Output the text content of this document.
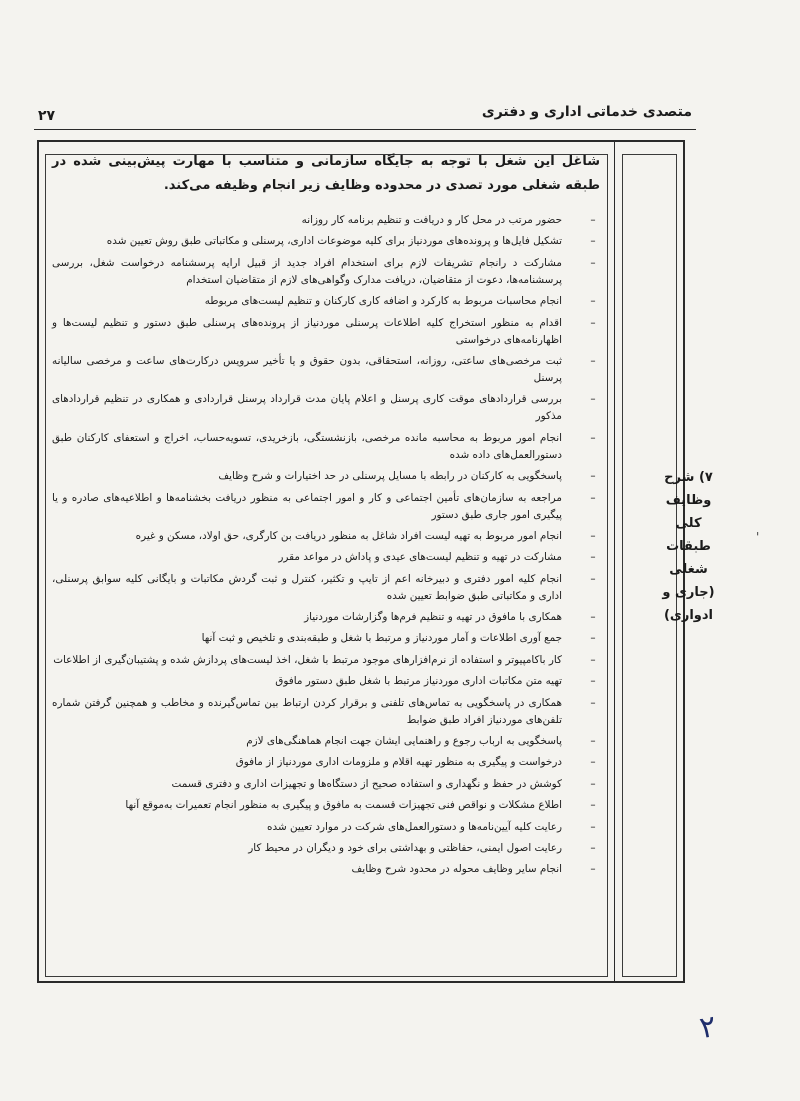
متصدی خدماتی اداری و دفتری
۲۷
۷) شرح
وظایف
کلی
طبقات
شغلی
(جاری و
ادواری)

شاغل این شغل با توجه به جایگاه سازمانی و متناسب با مهارت پیش‌بینی شده در طبقه شغلی مورد تصدی در محدوده وظایف زیر انجام وظیفه می‌کند.

–
حضور مرتب در محل کار و دریافت و تنظیم برنامه کار روزانه
–
تشکیل فایل‌ها و پرونده‌های موردنیاز برای کلیه موضوعات اداری، پرسنلی و مکاتباتی طبق روش تعیین شده
–
مشارکت د رانجام تشریفات لازم برای استخدام افراد جدید از قبیل ارایه پرسشنامه درخواست شغل، بررسی پرسشنامه‌ها، دعوت از متقاضیان، دریافت مدارک وگواهی‌های لازم از متقاضیان استخدام
–
انجام محاسبات مربوط به کارکرد و اضافه کاری کارکنان و تنظیم لیست‌های مربوطه
–
اقدام به منظور استخراج کلیه اطلاعات پرسنلی موردنیاز از پرونده‌های پرسنلی طبق دستور و تنظیم لیست‌ها و اظهارنامه‌های درخواستی
–
ثبت مرخصی‌های ساعتی، روزانه، استحقاقی، بدون حقوق و یا تأخیر سرویس درکارت‌های ساعت و مرخصی سالیانه پرسنل
–
بررسی قراردادهای موقت کاری پرسنل و اعلام پایان مدت قرارداد پرسنل قراردادی و همکاری در تنظیم قراردادهای مذکور
–
انجام امور مربوط به محاسبه مانده مرخصی، بازنشستگی، بازخریدی، تسویه‌حساب، اخراج و استعفای کارکنان طبق دستورالعمل‌های داده شده
–
پاسخگویی به کارکنان در رابطه با مسایل پرسنلی در حد اختیارات و شرح وظایف
–
مراجعه به سازمان‌های تأمین اجتماعی و کار و امور اجتماعی به منظور دریافت بخشنامه‌ها و اطلاعیه‌های صادره و یا پیگیری امور جاری طبق دستور
–
انجام امور مربوط به تهیه لیست افراد شاغل به منظور دریافت بن کارگری، حق اولاد، مسکن و غیره
–
مشارکت در تهیه و تنظیم لیست‌های عیدی و پاداش در مواعد مقرر
–
انجام کلیه امور دفتری و دبیرخانه اعم از تایپ و تکثیر، کنترل و ثبت گردش مکاتبات و بایگانی کلیه سوابق پرسنلی، اداری و مکاتباتی طبق ضوابط تعیین شده
–
همکاری با مافوق در تهیه و تنظیم فرم‌ها وگزارشات موردنیاز
–
جمع آوری اطلاعات و آمار موردنیاز و مرتبط با شغل و طبقه‌بندی و تلخیص و ثبت آنها
–
کار باکامپیوتر و استفاده از نرم‌افزارهای موجود مرتبط با شغل، اخذ لیست‌های پردازش شده و پشتیبان‌گیری از اطلاعات
–
تهیه متن مکاتبات اداری موردنیاز مرتبط با شغل طبق دستور مافوق
–
همکاری در پاسخگویی به تماس‌های تلفنی و برقرار کردن ارتباط بین تماس‌گیرنده و مخاطب و همچنین گرفتن شماره تلفن‌های موردنیاز افراد طبق ضوابط
–
پاسخگویی به ارباب رجوع و راهنمایی ایشان جهت انجام هماهنگی‌های لازم
–
درخواست و پیگیری به منظور تهیه اقلام و ملزومات اداری موردنیاز از مافوق
–
کوشش در حفظ و نگهداری و استفاده صحیح از دستگاه‌ها و تجهیزات اداری و دفتری قسمت
–
اطلاع مشکلات و نواقص فنی تجهیزات قسمت به مافوق و پیگیری به منظور انجام تعمیرات به‌موقع آنها
–
رعایت کلیه آیین‌نامه‌ها و دستورالعمل‌های شرکت در موارد تعیین شده
–
رعایت اصول ایمنی، حفاظتی و بهداشتی برای خود و دیگران در محیط کار
–
انجام سایر وظایف محوله در محدود شرح وظایف
۲
'
